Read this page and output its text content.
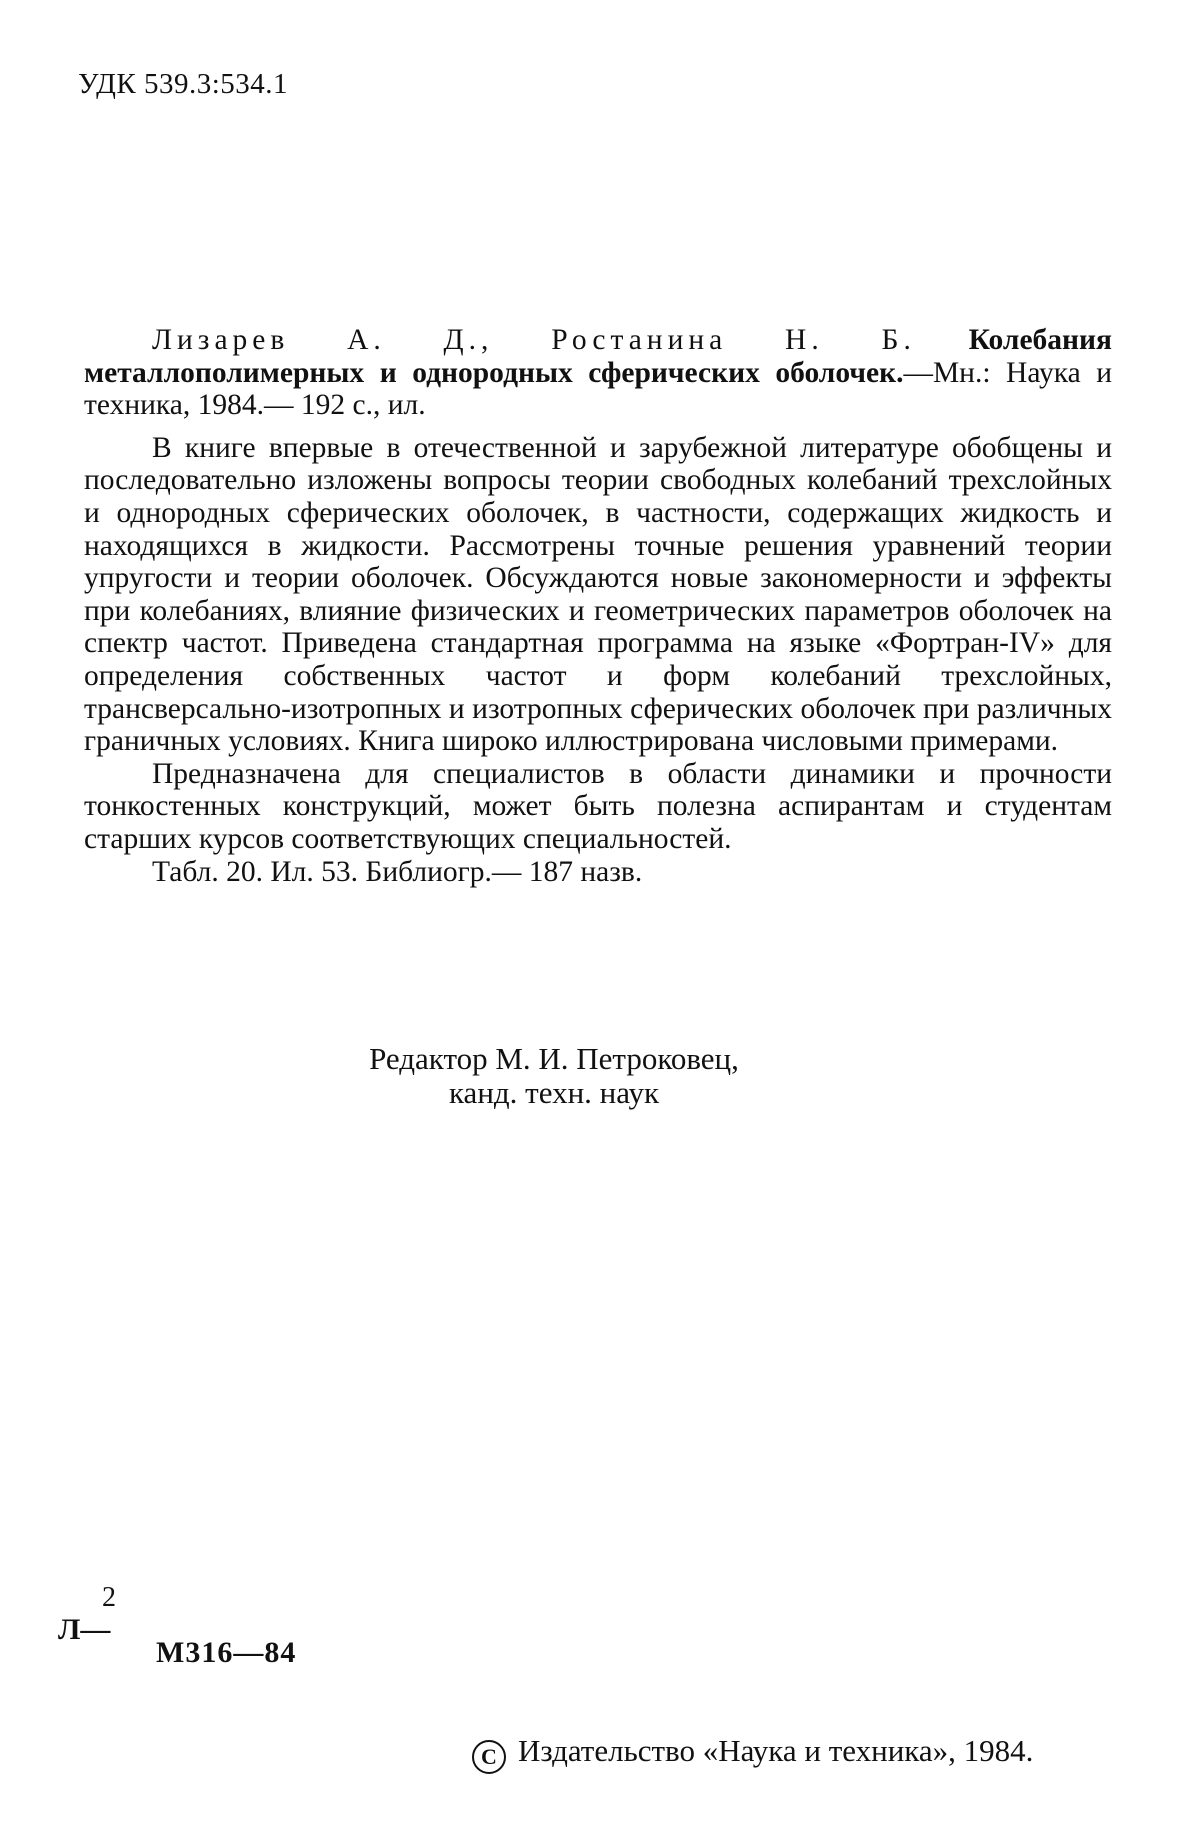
УДК 539.3:534.1

Лизарев А. Д., Ростанина Н. Б. Колебания металлополимерных и однородных сферических оболочек.—Мн.: Наука и техника, 1984.— 192 с., ил.

В книге впервые в отечественной и зарубежной литературе обобщены и последовательно изложены вопросы теории свободных колебаний трехслойных и однородных сферических оболочек, в частности, содержащих жидкость и находящихся в жидкости. Рассмотрены точные решения уравнений теории упругости и теории оболочек. Обсуждаются новые закономерности и эффекты при колебаниях, влияние физических и геометрических параметров оболочек на спектр частот. Приведена стандартная программа на языке «Фортран-IV» для определения собственных частот и форм колебаний трехслойных, трансверсально-изотропных и изотропных сферических оболочек при различных граничных условиях. Книга широко иллюстрирована числовыми примерами.

Предназначена для специалистов в области динамики и прочности тонкостенных конструкций, может быть полезна аспирантам и студентам старших курсов соответствующих специальностей.

Табл. 20. Ил. 53. Библиогр.— 187 назв.

Редактор М. И. Петроковец,
канд. техн. наук
2
Л—
М316—84
C Издательство «Наука и техника», 1984.
